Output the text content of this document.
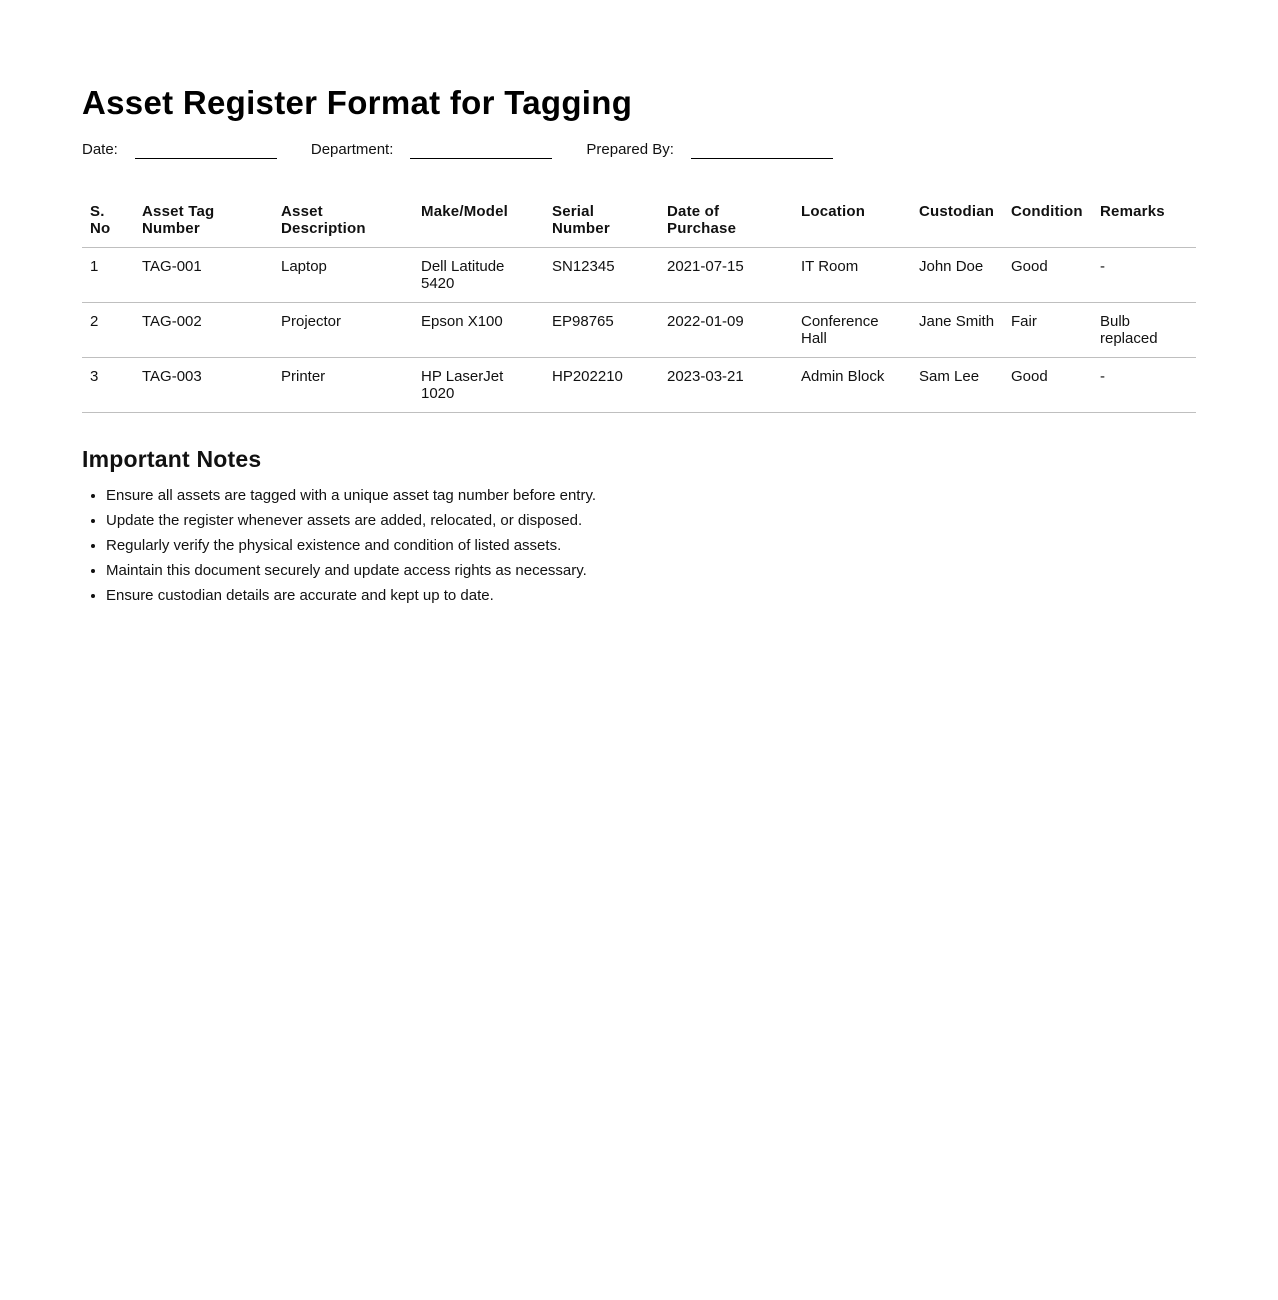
Asset Register Format for Tagging
Date:	Department:	Prepared By:
S. No	Asset Tag Number	Asset Description	Make/Model	Serial Number	Date of Purchase	Location	Custodian	Condition	Remarks
1	TAG-001	Laptop	Dell Latitude 5420	SN12345	2021-07-15	IT Room	John Doe	Good	-
2	TAG-002	Projector	Epson X100	EP98765	2022-01-09	Conference Hall	Jane Smith	Fair	Bulb replaced
3	TAG-003	Printer	HP LaserJet 1020	HP202210	2023-03-21	Admin Block	Sam Lee	Good	-
Important Notes
• Ensure all assets are tagged with a unique asset tag number before entry.
• Update the register whenever assets are added, relocated, or disposed.
• Regularly verify the physical existence and condition of listed assets.
• Maintain this document securely and update access rights as necessary.
• Ensure custodian details are accurate and kept up to date.
